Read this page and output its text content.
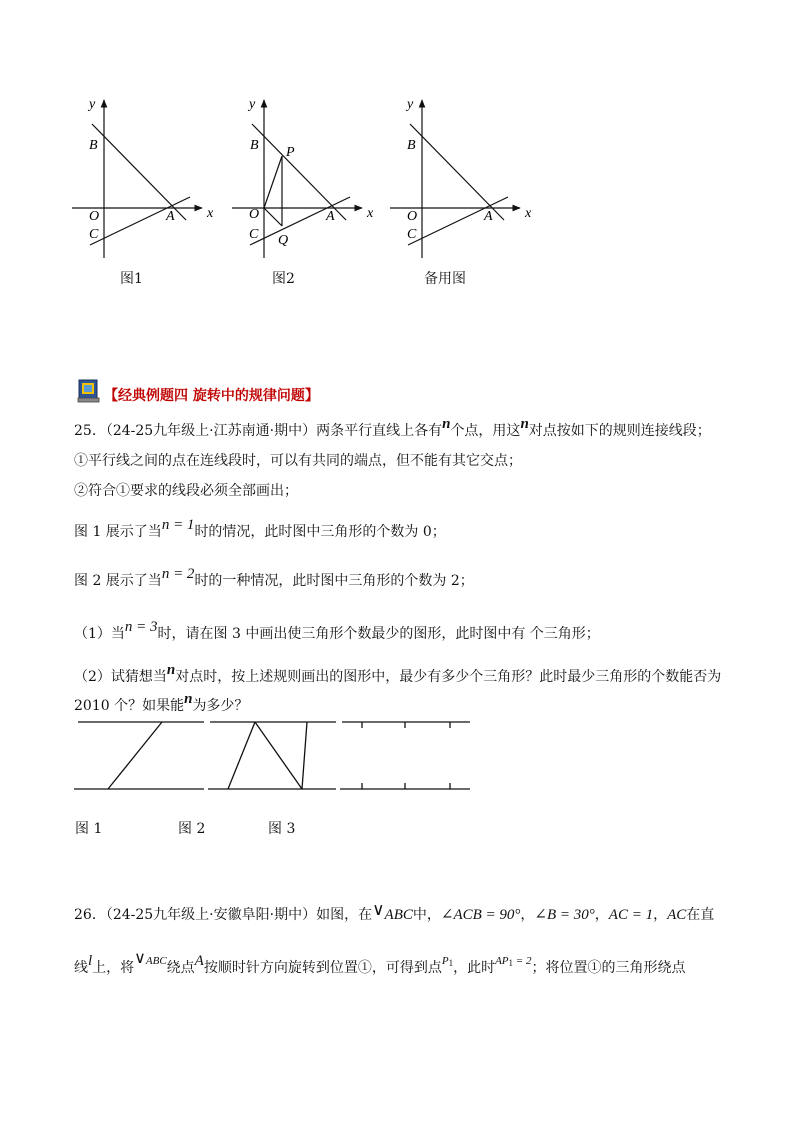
y
x
B
O
C
A
y
x
B
O
C
A
P
Q
y
x
B
O
C
A
图1	图2	备用图
【经典例题四 旋转中的规律问题】
25．（24-25九年级上·江苏南通·期中）两条平行直线上各有n个点，用这n对点按如下的规则连接线段；
①平行线之间的点在连线段时，可以有共同的端点，但不能有其它交点；
②符合①要求的线段必须全部画出；
图 1 展示了当n = 1时的情况，此时图中三角形的个数为 0；
图 2 展示了当n = 2时的一种情况，此时图中三角形的个数为 2；
（1）当n = 3时，请在图 3 中画出使三角形个数最少的图形，此时图中有 个三角形；
（2）试猜想当n对点时，按上述规则画出的图形中，最少有多少个三角形？此时最少三角形的个数能否为
2010 个？如果能n为多少？
图 1	图 2	图 3
26．（24-25九年级上·安徽阜阳·期中）如图，在∨ABC中，∠ACB = 90°，∠B = 30°，AC = 1，AC在直
线l上，将∨$^{ABC}$绕点A按顺时针方向旋转到位置①，可得到点$^{P_1}$，此时$^{AP_1 = 2}$；将位置①的三角形绕点
